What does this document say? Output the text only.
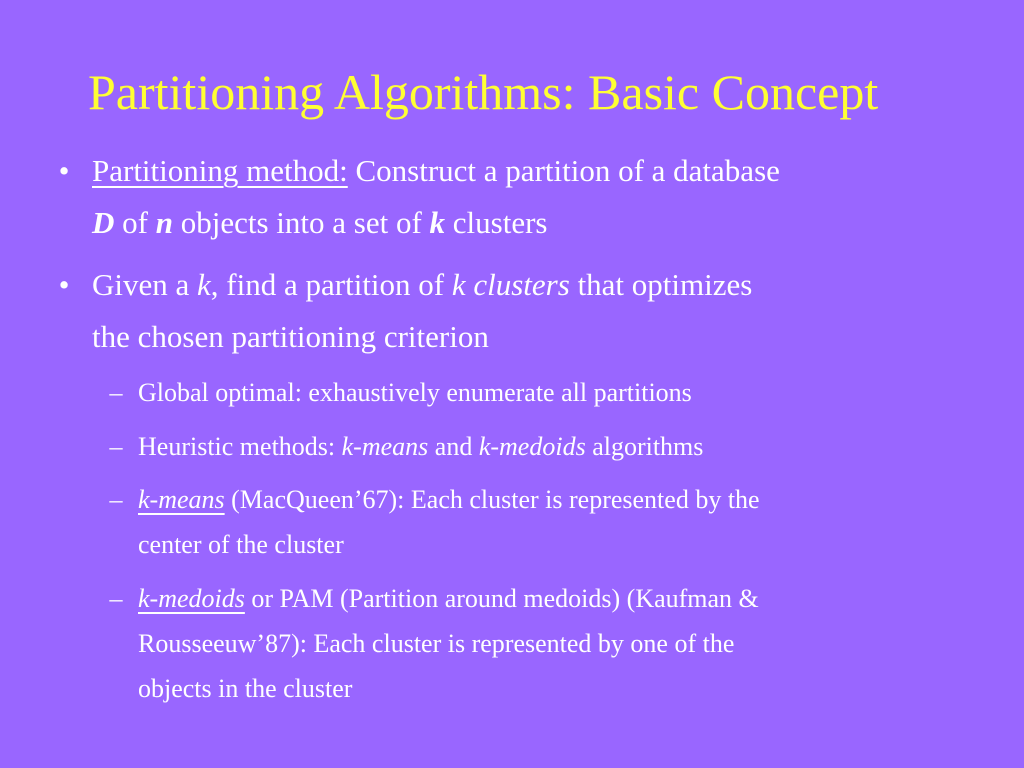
Partitioning Algorithms: Basic Concept
• Partitioning method: Construct a partition of a database
D of n objects into a set of k clusters
• Given a k, find a partition of k clusters that optimizes
the chosen partitioning criterion
– Global optimal: exhaustively enumerate all partitions
– Heuristic methods: k-means and k-medoids algorithms
– k-means (MacQueen’67): Each cluster is represented by the
center of the cluster
– k-medoids or PAM (Partition around medoids) (Kaufman &
Rousseeuw’87): Each cluster is represented by one of the
objects in the cluster
